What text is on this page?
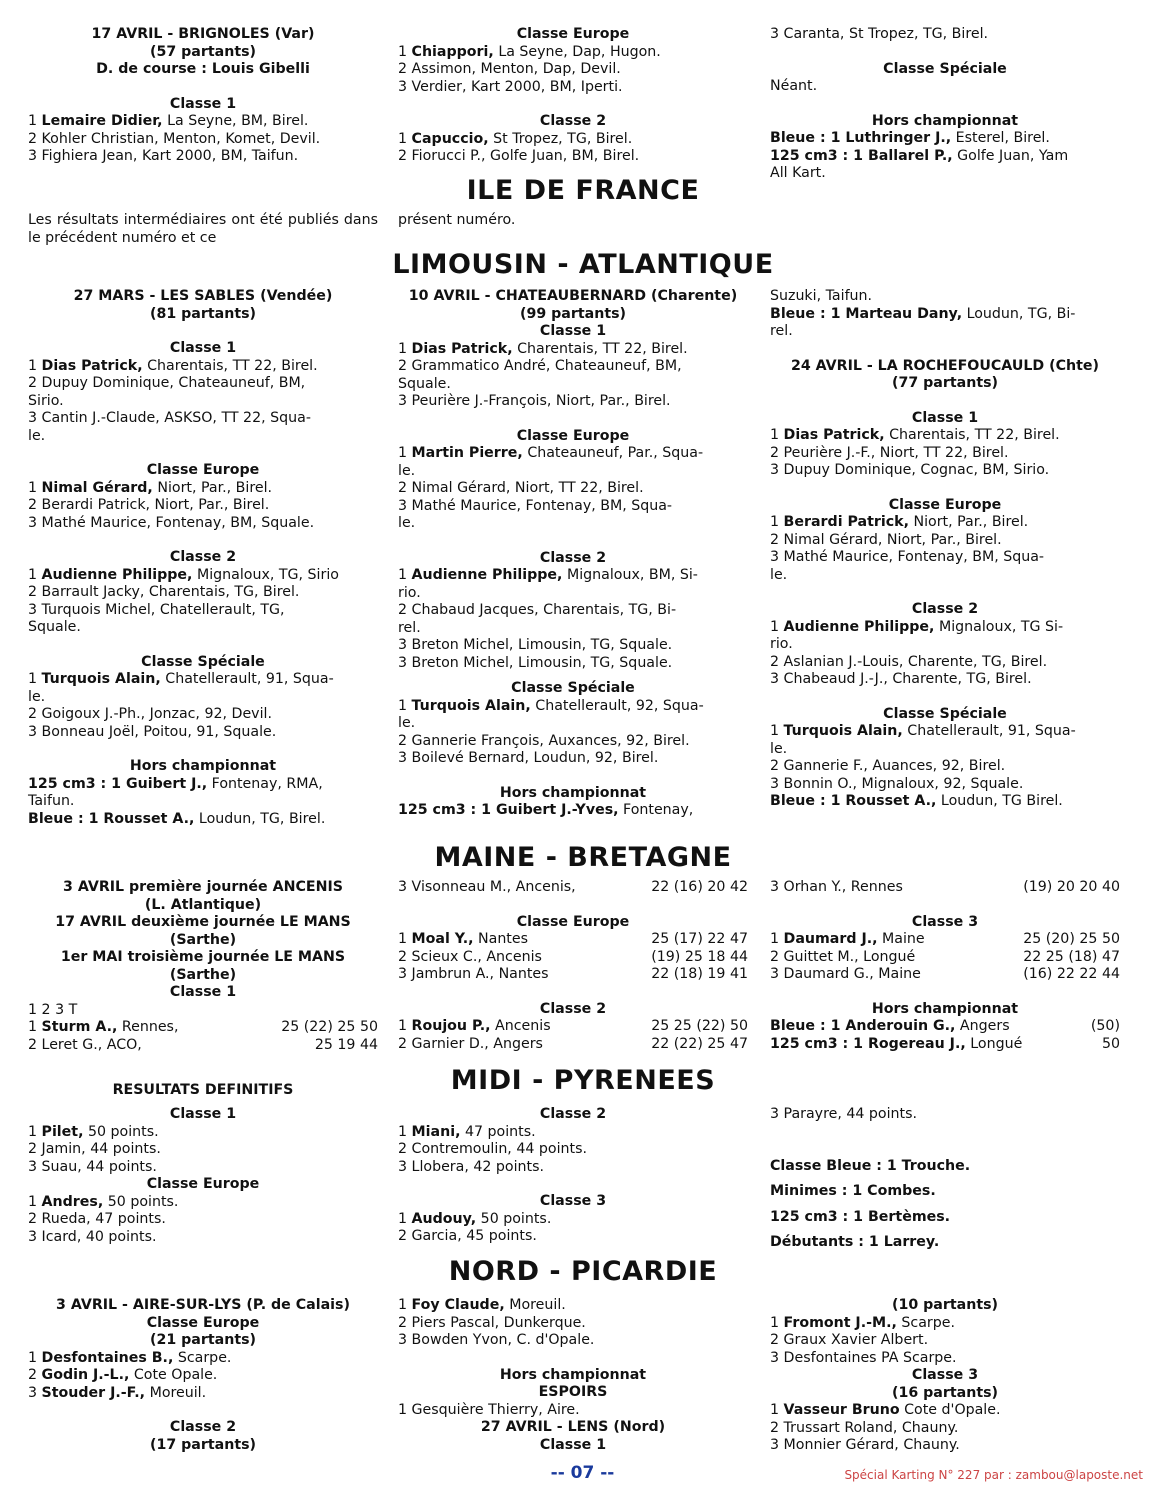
17 AVRIL - BRIGNOLES (Var)
(57 partants)
D. de course : Louis Gibelli
Classe 1
1 Lemaire Didier, La Seyne, BM, Birel.
2 Kohler Christian, Menton, Komet, Devil.
3 Fighiera Jean, Kart 2000, BM, Taifun.
Classe Europe
1 Chiappori, La Seyne, Dap, Hugon.
2 Assimon, Menton, Dap, Devil.
3 Verdier, Kart 2000, BM, Iperti.
Classe 2
1 Capuccio, St Tropez, TG, Birel.
2 Fiorucci P., Golfe Juan, BM, Birel.
3 Caranta, St Tropez, TG, Birel.
Classe Spéciale
Néant.
Hors championnat
Bleue : 1 Luthringer J., Esterel, Birel.
125 cm3 : 1 Ballarel P., Golfe Juan, Yam
All Kart.
ILE DE FRANCE
Les résultats intermédiaires ont été publiés dans le précédent numéro et ce
présent numéro.
LIMOUSIN - ATLANTIQUE
27 MARS - LES SABLES (Vendée)
(81 partants)
Classe 1
1 Dias Patrick, Charentais, TT 22, Birel.
2 Dupuy Dominique, Chateauneuf, BM,
Sirio.
3 Cantin J.-Claude, ASKSO, TT 22, Squa-
le.
Classe Europe
1 Nimal Gérard, Niort, Par., Birel.
2 Berardi Patrick, Niort, Par., Birel.
3 Mathé Maurice, Fontenay, BM, Squale.
Classe 2
1 Audienne Philippe, Mignaloux, TG, Sirio
2 Barrault Jacky, Charentais, TG, Birel.
3 Turquois Michel, Chatellerault, TG,
Squale.
Classe Spéciale
1 Turquois Alain, Chatellerault, 91, Squa-
le.
2 Goigoux J.-Ph., Jonzac, 92, Devil.
3 Bonneau Joël, Poitou, 91, Squale.
Hors championnat
125 cm3 : 1 Guibert J., Fontenay, RMA,
Taifun.
Bleue : 1 Rousset A., Loudun, TG, Birel.
10 AVRIL - CHATEAUBERNARD (Charente)
(99 partants)
Classe 1
1 Dias Patrick, Charentais, TT 22, Birel.
2 Grammatico André, Chateauneuf, BM,
Squale.
3 Peurière J.-François, Niort, Par., Birel.
Classe Europe
1 Martin Pierre, Chateauneuf, Par., Squa-
le.
2 Nimal Gérard, Niort, TT 22, Birel.
3 Mathé Maurice, Fontenay, BM, Squa-
le.
Classe 2
1 Audienne Philippe, Mignaloux, BM, Si-
rio.
2 Chabaud Jacques, Charentais, TG, Bi-
rel.
3 Breton Michel, Limousin, TG, Squale.
3 Breton Michel, Limousin, TG, Squale.
Classe Spéciale
1 Turquois Alain, Chatellerault, 92, Squa-
le.
2 Gannerie François, Auxances, 92, Birel.
3 Boilevé Bernard, Loudun, 92, Birel.
Hors championnat
125 cm3 : 1 Guibert J.-Yves, Fontenay,
Suzuki, Taifun.
Bleue : 1 Marteau Dany, Loudun, TG, Bi-
rel.
24 AVRIL - LA ROCHEFOUCAULD (Chte)
(77 partants)
Classe 1
1 Dias Patrick, Charentais, TT 22, Birel.
2 Peurière J.-F., Niort, TT 22, Birel.
3 Dupuy Dominique, Cognac, BM, Sirio.
Classe Europe
1 Berardi Patrick, Niort, Par., Birel.
2 Nimal Gérard, Niort, Par., Birel.
3 Mathé Maurice, Fontenay, BM, Squa-
le.
Classe 2
1 Audienne Philippe, Mignaloux, TG Si-
rio.
2 Aslanian J.-Louis, Charente, TG, Birel.
3 Chabeaud J.-J., Charente, TG, Birel.
Classe Spéciale
1 Turquois Alain, Chatellerault, 91, Squa-
le.
2 Gannerie F., Auances, 92, Birel.
3 Bonnin O., Mignaloux, 92, Squale.
Bleue : 1 Rousset A., Loudun, TG Birel.
MAINE - BRETAGNE
3 AVRIL première journée ANCENIS
(L. Atlantique)
17 AVRIL deuxième journée LE MANS
(Sarthe)
1er MAI troisième journée LE MANS
(Sarthe)
Classe 1
1 2 3 T
1 Sturm A., Rennes,	25 (22) 25 50
2 Leret G., ACO,	25 19 44
3 Visonneau M., Ancenis,	22 (16) 20 42
Classe Europe
1 Moal Y., Nantes	25 (17) 22 47
2 Scieux C., Ancenis	(19) 25 18 44
3 Jambrun A., Nantes	22 (18) 19 41
Classe 2
1 Roujou P., Ancenis	25 25 (22) 50
2 Garnier D., Angers	22 (22) 25 47
3 Orhan Y., Rennes	(19) 20 20 40
Classe 3
1 Daumard J., Maine	25 (20) 25 50
2 Guittet M., Longué	22 25 (18) 47
3 Daumard G., Maine	(16) 22 22 44
Hors championnat
Bleue : 1 Anderouin G., Angers	(50)
125 cm3 : 1 Rogereau J., Longué	50
RESULTATS DEFINITIFS	MIDI - PYRENEES
Classe 1
1 Pilet, 50 points.
2 Jamin, 44 points.
3 Suau, 44 points.
Classe Europe
1 Andres, 50 points.
2 Rueda, 47 points.
3 Icard, 40 points.
Classe 2
1 Miani, 47 points.
2 Contremoulin, 44 points.
3 Llobera, 42 points.
Classe 3
1 Audouy, 50 points.
2 Garcia, 45 points.
3 Parayre, 44 points.
Classe Bleue : 1 Trouche.
Minimes : 1 Combes.
125 cm3 : 1 Bertèmes.
Débutants : 1 Larrey.
NORD - PICARDIE
3 AVRIL - AIRE-SUR-LYS (P. de Calais)
Classe Europe
(21 partants)
1 Desfontaines B., Scarpe.
2 Godin J.-L., Cote Opale.
3 Stouder J.-F., Moreuil.
Classe 2
(17 partants)
1 Foy Claude, Moreuil.
2 Piers Pascal, Dunkerque.
3 Bowden Yvon, C. d'Opale.
Hors championnat
ESPOIRS
1 Gesquière Thierry, Aire.
27 AVRIL - LENS (Nord)
Classe 1
(10 partants)
1 Fromont J.-M., Scarpe.
2 Graux Xavier Albert.
3 Desfontaines PA Scarpe.
Classe 3
(16 partants)
1 Vasseur Bruno Cote d'Opale.
2 Trussart Roland, Chauny.
3 Monnier Gérard, Chauny.
-- 07 --	Spécial Karting N° 227 par : zambou@laposte.net
